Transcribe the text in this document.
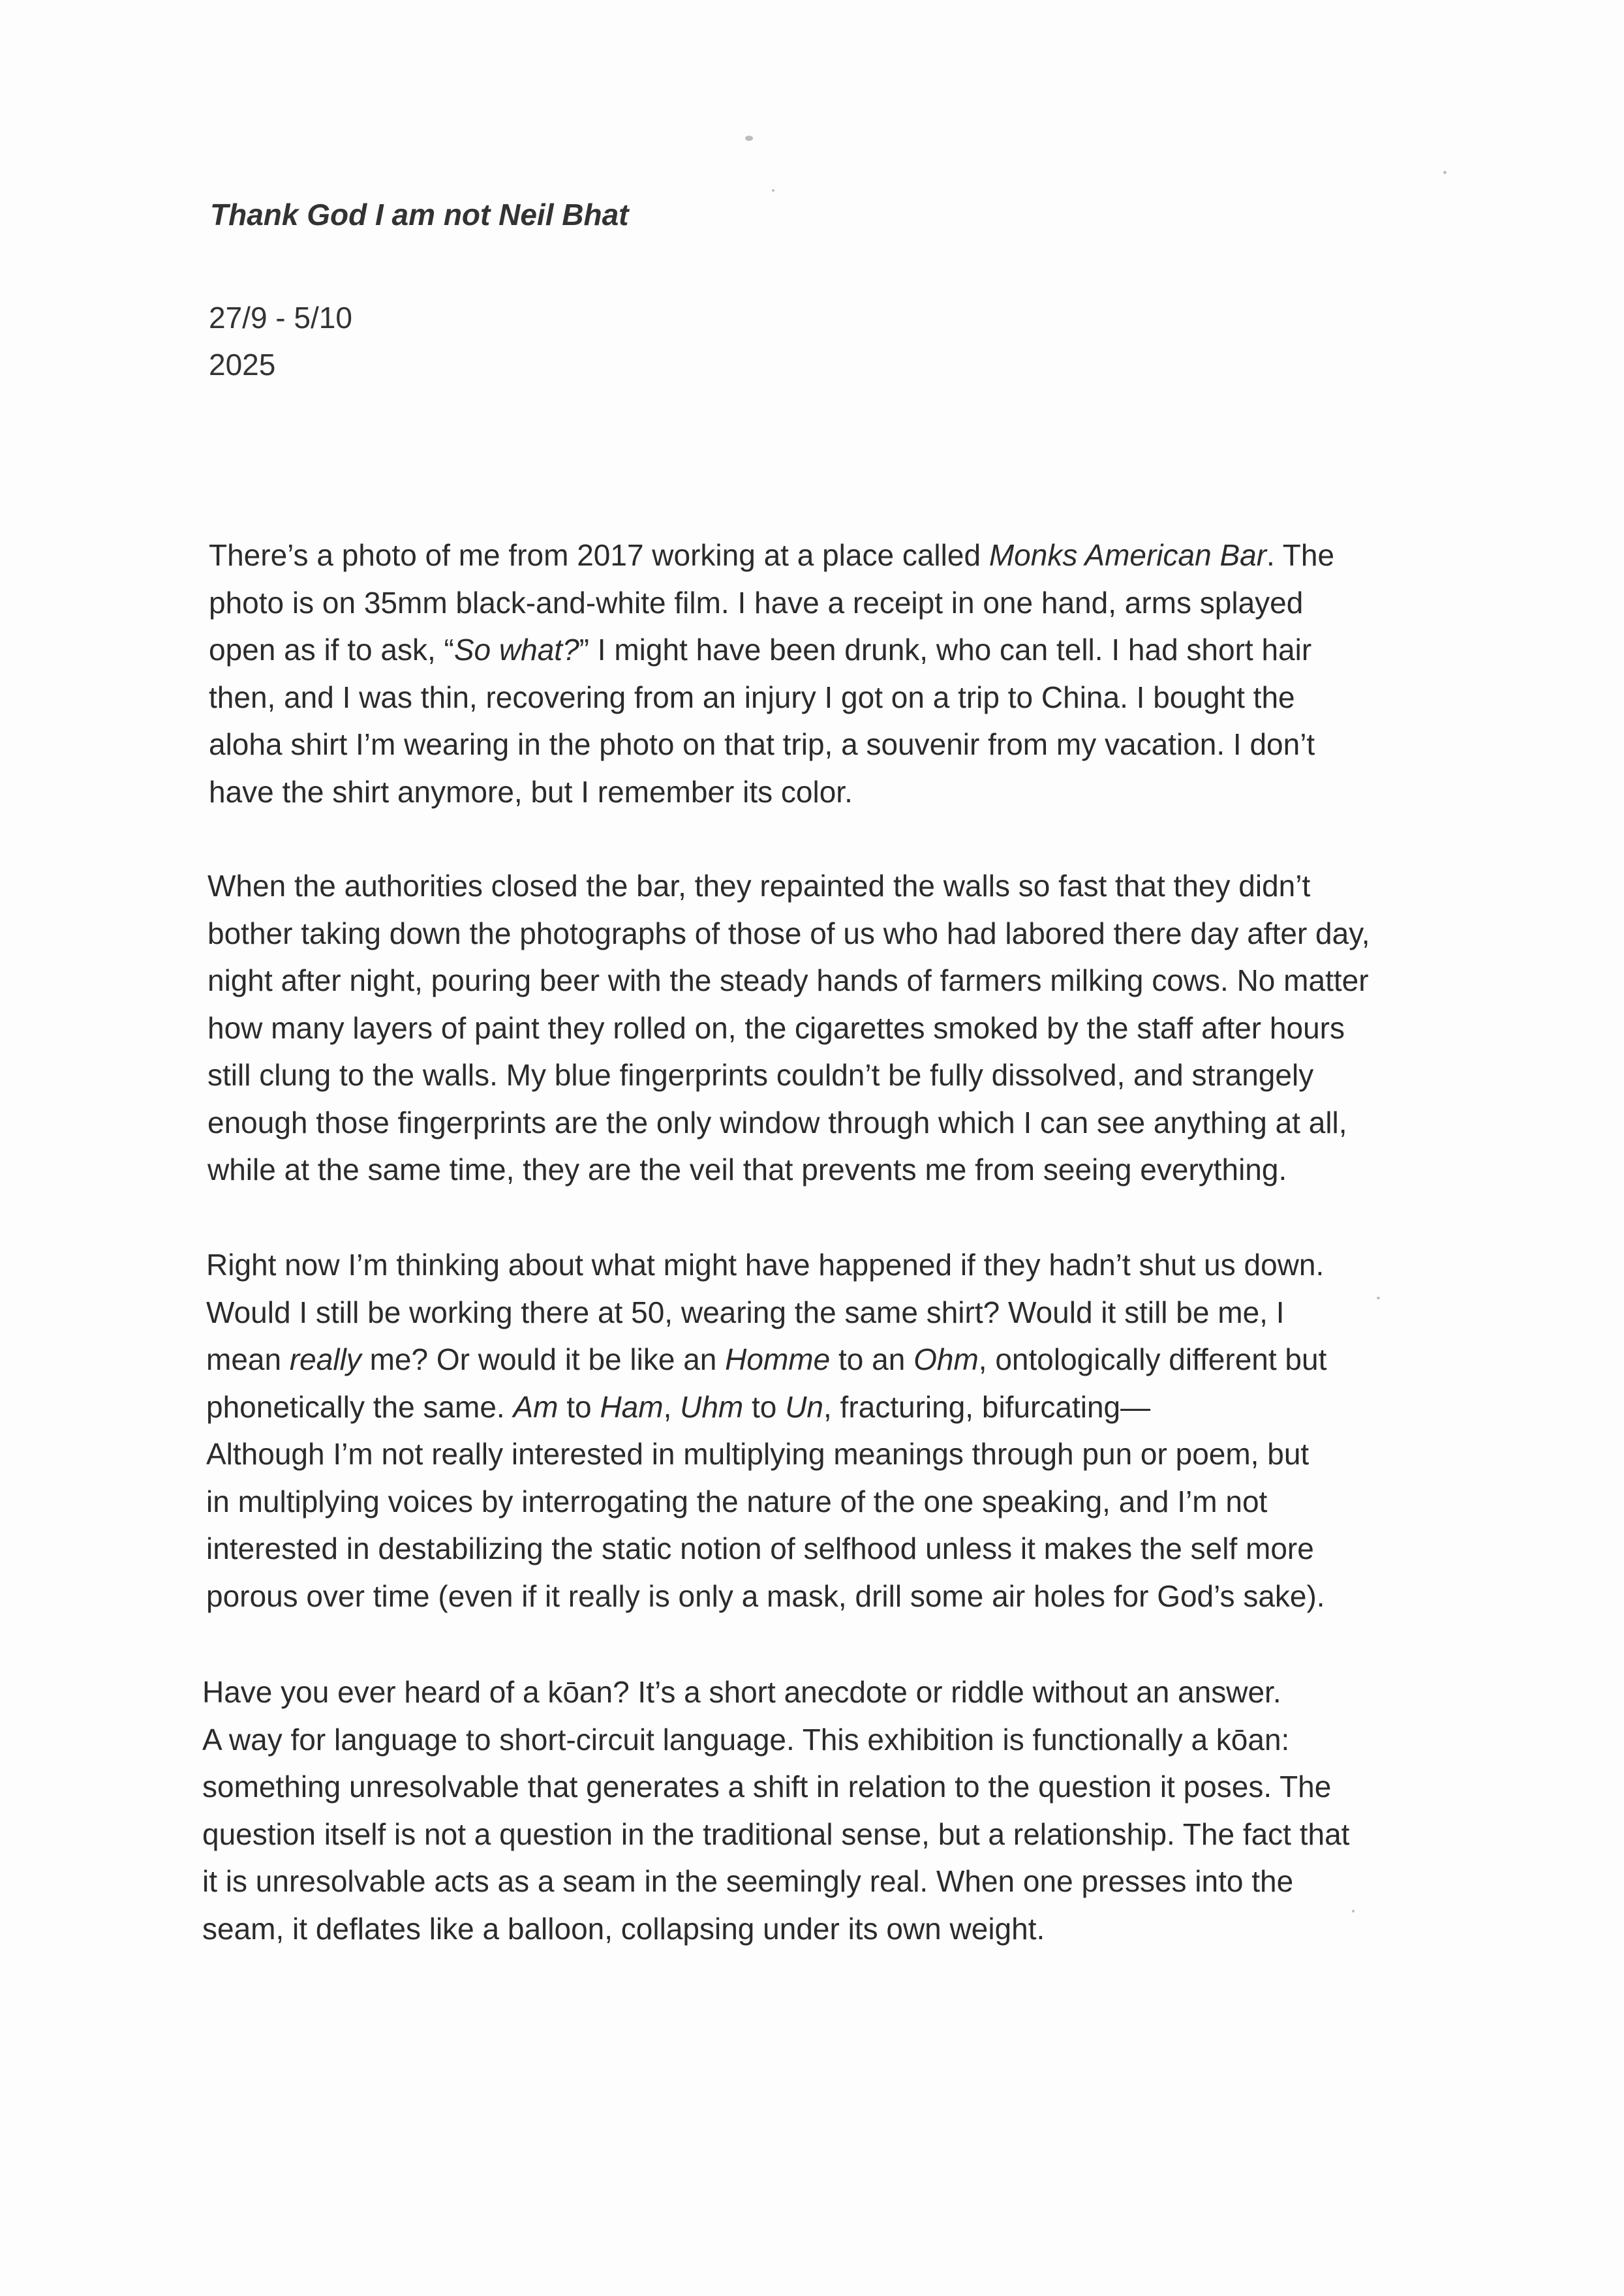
Thank God I am not Neil Bhat
27/9 - 5/10
2025
There’s a photo of me from 2017 working at a place called Monks American Bar. The
photo is on 35mm black-and-white film. I have a receipt in one hand, arms splayed
open as if to ask, “So what?” I might have been drunk, who can tell. I had short hair
then, and I was thin, recovering from an injury I got on a trip to China. I bought the
aloha shirt I’m wearing in the photo on that trip, a souvenir from my vacation. I don’t
have the shirt anymore, but I remember its color.
When the authorities closed the bar, they repainted the walls so fast that they didn’t
bother taking down the photographs of those of us who had labored there day after day,
night after night, pouring beer with the steady hands of farmers milking cows. No matter
how many layers of paint they rolled on, the cigarettes smoked by the staff after hours
still clung to the walls. My blue fingerprints couldn’t be fully dissolved, and strangely
enough those fingerprints are the only window through which I can see anything at all,
while at the same time, they are the veil that prevents me from seeing everything.
Right now I’m thinking about what might have happened if they hadn’t shut us down.
Would I still be working there at 50, wearing the same shirt? Would it still be me, I
mean really me? Or would it be like an Homme to an Ohm, ontologically different but
phonetically the same. Am to Ham, Uhm to Un, fracturing, bifurcating—
Although I’m not really interested in multiplying meanings through pun or poem, but
in multiplying voices by interrogating the nature of the one speaking, and I’m not
interested in destabilizing the static notion of selfhood unless it makes the self more
porous over time (even if it really is only a mask, drill some air holes for God’s sake).
Have you ever heard of a kōan? It’s a short anecdote or riddle without an answer.
A way for language to short-circuit language. This exhibition is functionally a kōan:
something unresolvable that generates a shift in relation to the question it poses. The
question itself is not a question in the traditional sense, but a relationship. The fact that
it is unresolvable acts as a seam in the seemingly real. When one presses into the
seam, it deflates like a balloon, collapsing under its own weight.
